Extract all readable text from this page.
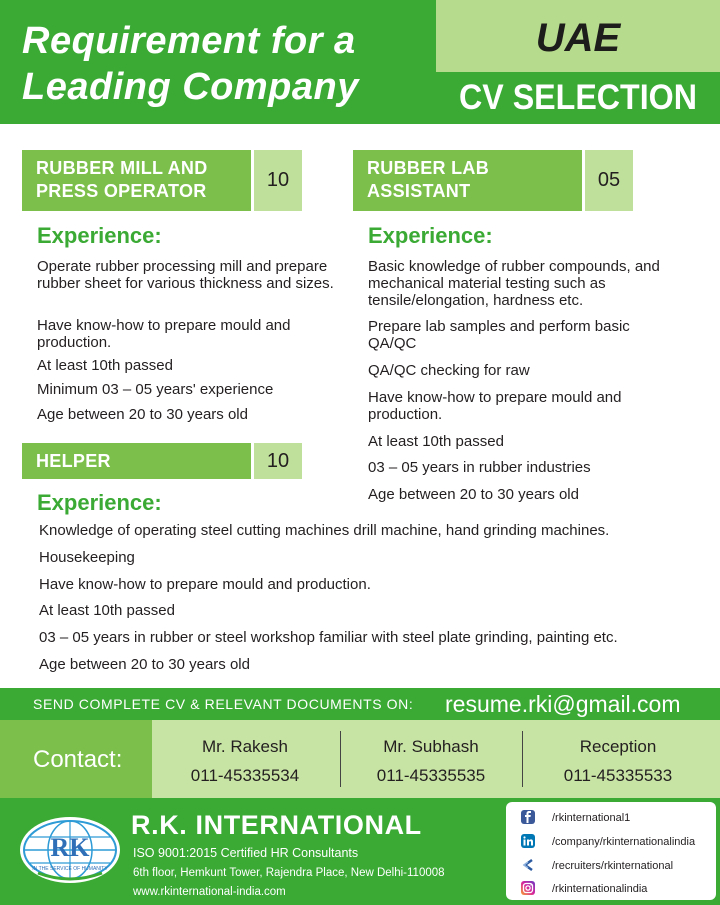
Requirement for a
Leading Company
UAE
CV SELECTION
RUBBER MILL AND
PRESS OPERATOR	10
Experience:
Operate rubber processing mill and prepare rubber sheet for various thickness and sizes.
Have know-how to prepare mould and production.
At least 10th passed
Minimum 03 – 05 years' experience
Age between 20 to 30 years old
RUBBER LAB
ASSISTANT	05
Experience:
Basic knowledge of rubber compounds, and mechanical material testing such as tensile/elongation, hardness etc.
Prepare lab samples and perform basic QA/QC
QA/QC checking for raw
Have know-how to prepare mould and production.
At least 10th passed
03 – 05 years in rubber industries
Age between 20 to 30 years old
HELPER	10
Experience:
Knowledge of operating steel cutting machines drill machine, hand grinding machines.
Housekeeping
Have know-how to prepare mould and production.
At least 10th passed
03 – 05 years in rubber or steel workshop familiar with steel plate grinding, painting etc.
Age between 20 to 30 years old
SEND COMPLETE CV & RELEVANT DOCUMENTS ON: resume.rki@gmail.com
Contact:	Mr. Rakesh
011-45335534
Mr. Subhash
011-45335535
Reception
011-45335533
RK
IN THE SERVICE OF HUMANITY
R.K. INTERNATIONAL
ISO 9001:2015 Certified HR Consultants
6th floor, Hemkunt Tower, Rajendra Place, New Delhi-110008
www.rkinternational-india.com
/rkinternational1
/company/rkinternationalindia
/recruiters/rkinternational
/rkinternationalindia
